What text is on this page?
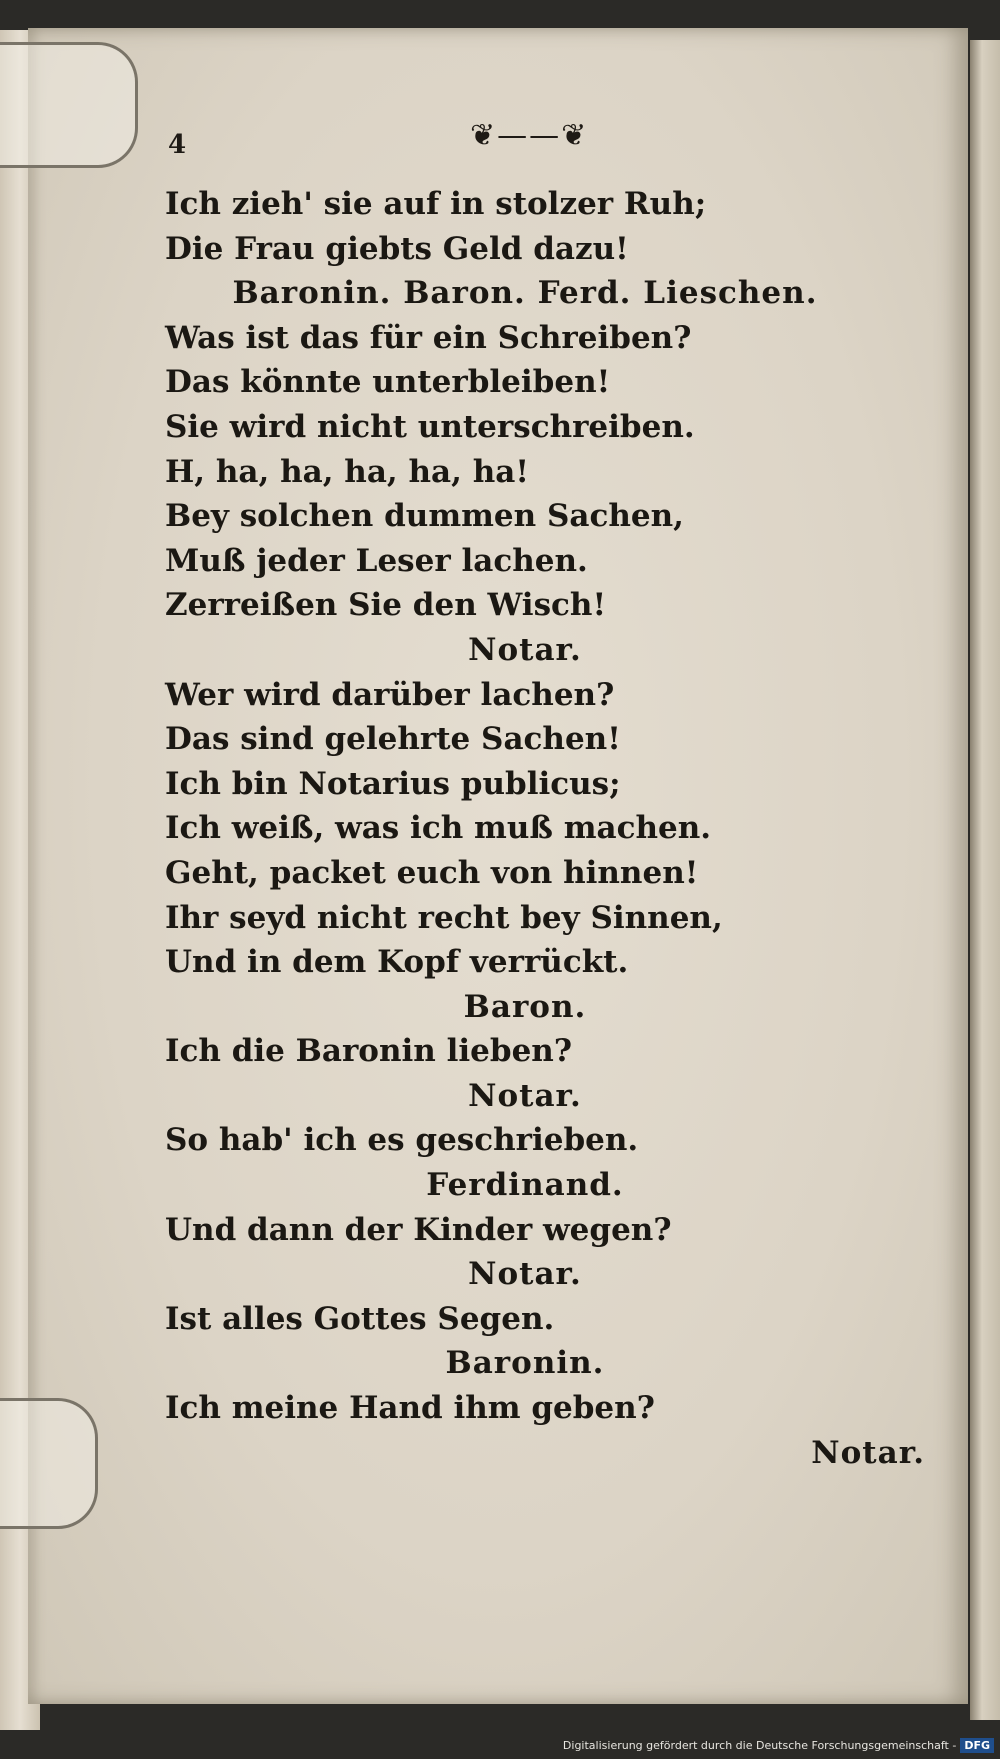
4	❦——❦
Ich zieh' sie auf in stolzer Ruh;
Die Frau giebts Geld dazu!
Baronin. Baron. Ferd. Lieschen.
Was ist das für ein Schreiben?
Das könnte unterbleiben!
Sie wird nicht unterschreiben.
H, ha, ha, ha, ha, ha!
Bey solchen dummen Sachen,
Muß jeder Leser lachen.
Zerreißen Sie den Wisch!
Notar.
Wer wird darüber lachen?
Das sind gelehrte Sachen!
Ich bin Notarius publicus;
Ich weiß, was ich muß machen.
Geht, packet euch von hinnen!
Ihr seyd nicht recht bey Sinnen,
Und in dem Kopf verrückt.
Baron.
Ich die Baronin lieben?
Notar.
So hab' ich es geschrieben.
Ferdinand.
Und dann der Kinder wegen?
Notar.
Ist alles Gottes Segen.
Baronin.
Ich meine Hand ihm geben?
Notar.
Digitalisierung gefördert durch die Deutsche Forschungsgemeinschaft - DFG
